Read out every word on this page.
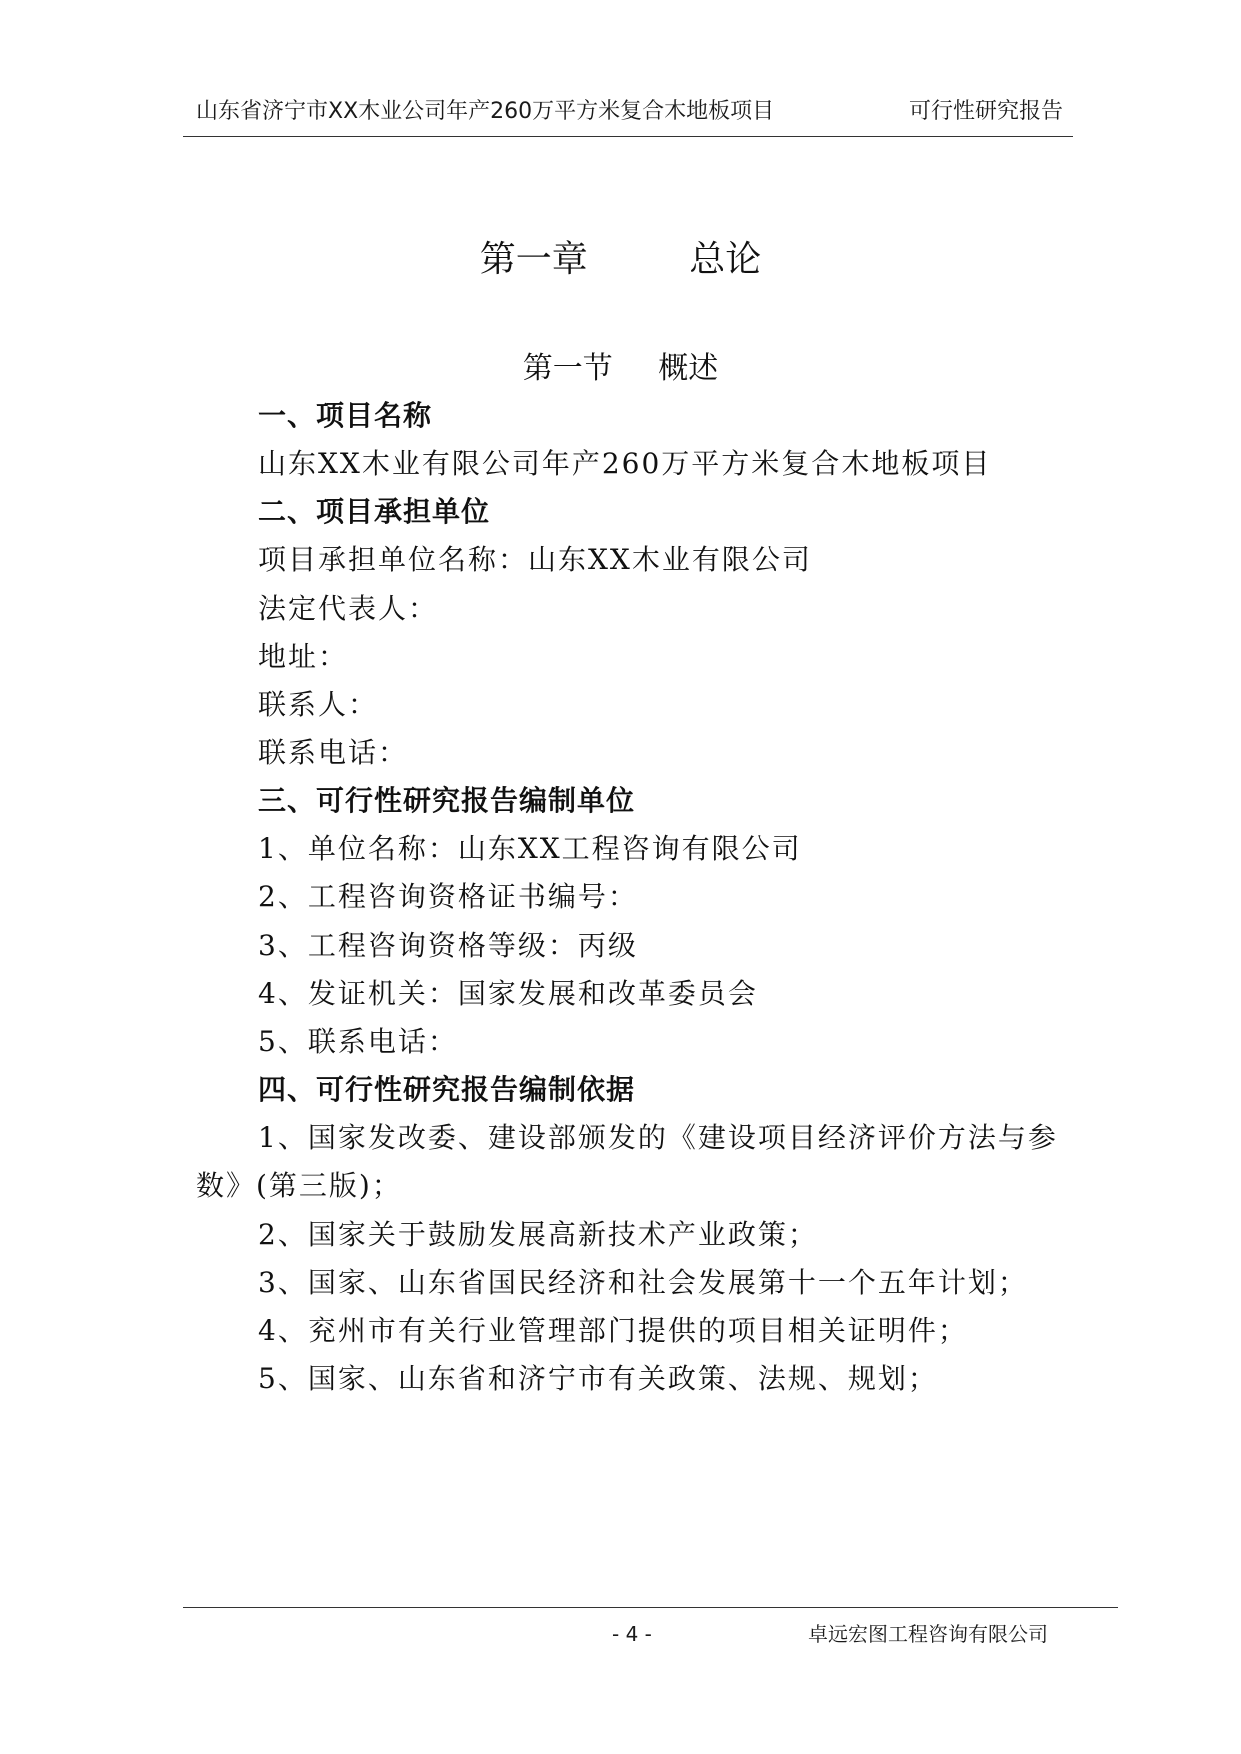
山东省济宁市XX木业公司年产260万平方米复合木地板项目	可行性研究报告
第一章 总论
第一节 概述
一、项目名称
山东XX木业有限公司年产260万平方米复合木地板项目
二、项目承担单位
项目承担单位名称：山东XX木业有限公司
法定代表人：
地址：
联系人：
联系电话：
三、可行性研究报告编制单位
1、单位名称：山东XX工程咨询有限公司
2、工程咨询资格证书编号：
3、工程咨询资格等级：丙级
4、发证机关：国家发展和改革委员会
5、联系电话：
四、可行性研究报告编制依据
1、国家发改委、建设部颁发的《建设项目经济评价方法与参
数》(第三版)；
2、国家关于鼓励发展高新技术产业政策；
3、国家、山东省国民经济和社会发展第十一个五年计划；
4、兖州市有关行业管理部门提供的项目相关证明件；
5、国家、山东省和济宁市有关政策、法规、规划；
- 4 -	卓远宏图工程咨询有限公司
